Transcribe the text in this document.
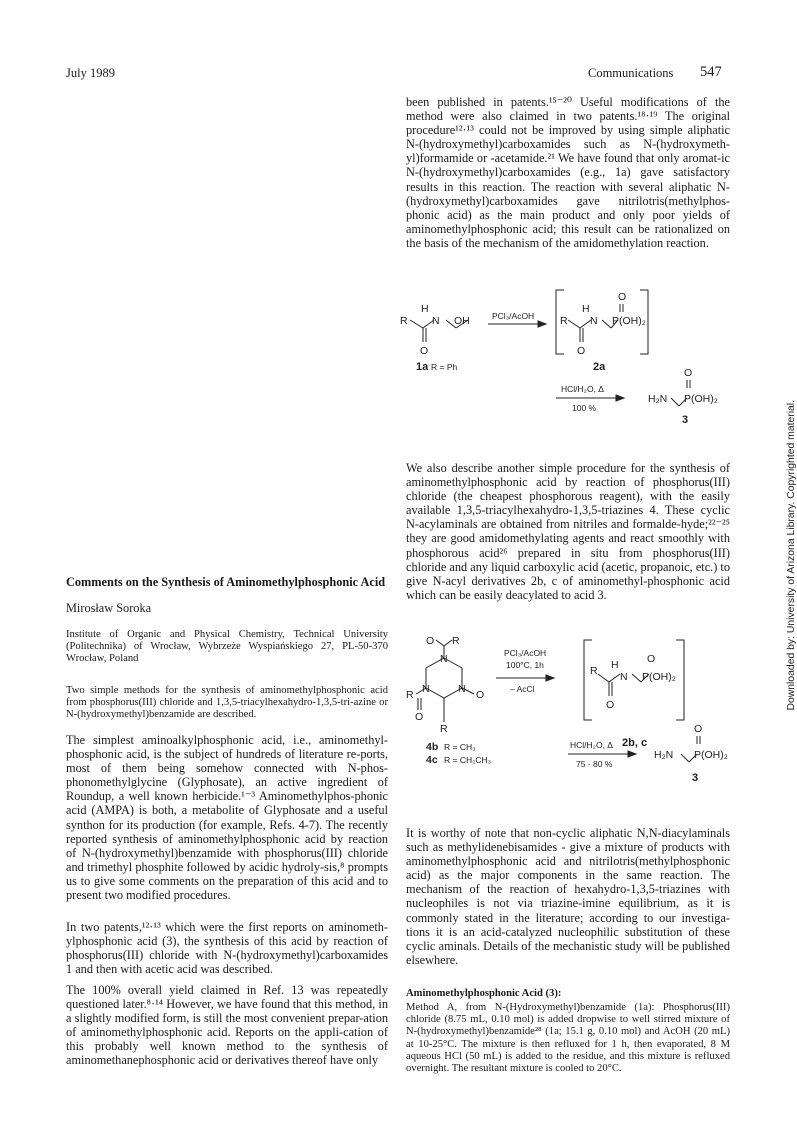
July 1989	Communications 547
been published in patents.¹⁵⁻²⁰ Useful modifications of the method were also claimed in two patents.¹⁸·¹⁹ The original procedure¹²·¹³ could not be improved by using simple aliphatic N-(hydroxymethyl)carboxamides such as N-(hydroxymeth-yl)formamide or -acetamide.²¹ We have found that only aromat-ic N-(hydroxymethyl)carboxamides (e.g., 1a) gave satisfactory results in this reaction. The reaction with several aliphatic N-(hydroxymethyl)carboxamides gave nitrilotris(methylphos-phonic acid) as the main product and only poor yields of aminomethylphosphonic acid; this result can be rationalized on the basis of the mechanism of the amidomethylation reaction.
R
H
N OH
O
1a R = Ph
PCl₃/AcOH R
H
N
O
P(OH)₂
O
2a
HCl/H₂O, Δ
100 %
H₂N
O
P(OH)₂
3
We also describe another simple procedure for the synthesis of aminomethylphosphonic acid by reaction of phosphorus(III) chloride (the cheapest phosphorous reagent), with the easily available 1,3,5-triacylhexahydro-1,3,5-triazines 4. These cyclic N-acylaminals are obtained from nitriles and formalde-hyde;²²⁻²⁵ they are good amidomethylating agents and react smoothly with phosphorous acid²⁶ prepared in situ from phosphorus(III) chloride and any liquid carboxylic acid (acetic, propanoic, etc.) to give N-acyl derivatives 2b, c of aminomethyl-phosphonic acid which can be easily deacylated to acid 3.
O R
N
R N	N O
O
R
4b R = CH₃
4c R = CH₂CH₃
PCl₃/AcOH
100°C, 1h
– AcCl
R H
N
O
P(OH)₂
O
2b, c
HCl/H₂O, Δ
75 - 80 %
H₂N
O
P(OH)₂
3
It is worthy of note that non-cyclic aliphatic N,N-diacylaminals such as methylidenebisamides - give a mixture of products with aminomethylphosphonic acid and nitrilotris(methylphosphonic acid) as the major components in the same reaction. The mechanism of the reaction of hexahydro-1,3,5-triazines with nucleophiles is not via triazine-imine equilibrium, as it is commonly stated in the literature; according to our investiga-tions it is an acid-catalyzed nucleophilic substitution of these cyclic aminals. Details of the mechanistic study will be published elsewhere.
Aminomethylphosphonic Acid (3):
Method A, from N-(Hydroxymethyl)benzamide (1a): Phosphorus(III) chloride (8.75 mL, 0.10 mol) is added dropwise to well stirred mixture of N-(hydroxymethyl)benzamide²⁸ (1a; 15.1 g, 0.10 mol) and AcOH (20 mL) at 10-25°C. The mixture is then refluxed for 1 h, then evaporated, 8 M aqueous HCl (50 mL) is added to the residue, and this mixture is refluxed overnight. The resultant mixture is cooled to 20°C.
Comments on the Synthesis of Aminomethylphosphonic Acid
Mirosław Soroka
Institute of Organic and Physical Chemistry, Technical University (Politechnika) of Wrocław, Wybrzeże Wyspiańskiego 27, PL-50-370 Wrocław, Poland
Two simple methods for the synthesis of aminomethylphosphonic acid from phosphorus(III) chloride and 1,3,5-triacylhexahydro-1,3,5-tri-azine or N-(hydroxymethyl)benzamide are described.
The simplest aminoalkylphosphonic acid, i.e., aminomethyl-phosphonic acid, is the subject of hundreds of literature re-ports, most of them being somehow connected with N-phos-phonomethylglycine (Glyphosate), an active ingredient of Roundup, a well known herbicide.¹⁻³ Aminomethylphos-phonic acid (AMPA) is both, a metabolite of Glyphosate and a useful synthon for its production (for example, Refs. 4-7). The recently reported synthesis of aminomethylphosphonic acid by reaction of N-(hydroxymethyl)benzamide with phosphorus(III) chloride and trimethyl phosphite followed by acidic hydroly-sis,⁸ prompts us to give some comments on the preparation of this acid and to present two modified procedures.
In two patents,¹²·¹³ which were the first reports on aminometh-ylphosphonic acid (3), the synthesis of this acid by reaction of phosphorus(III) chloride with N-(hydroxymethyl)carboxamides 1 and then with acetic acid was described.
The 100% overall yield claimed in Ref. 13 was repeatedly questioned later.⁸·¹⁴ However, we have found that this method, in a slightly modified form, is still the most convenient prepar-ation of aminomethylphosphonic acid. Reports on the appli-cation of this probably well known method to the synthesis of aminomethanephosphonic acid or derivatives thereof have only
Downloaded by: University of Arizona Library. Copyrighted material.
